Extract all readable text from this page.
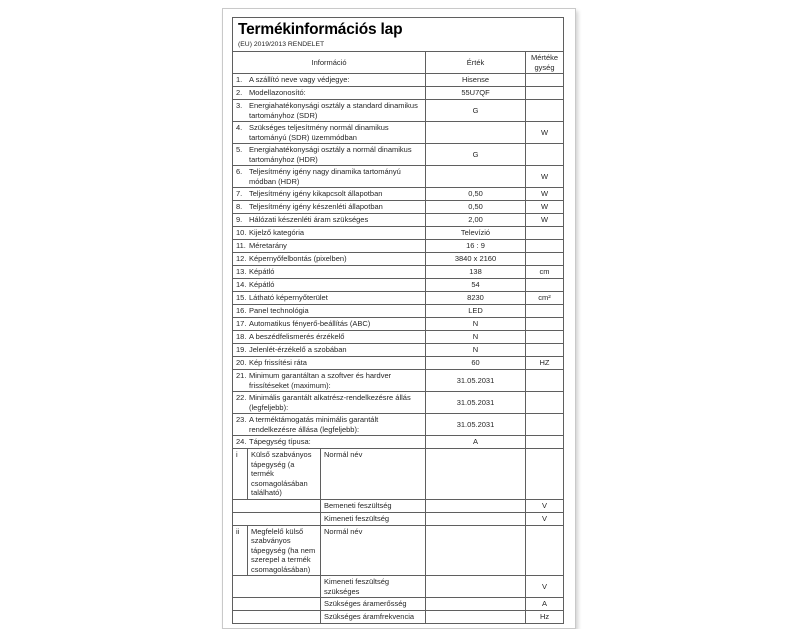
Termékinformációs lap
(EU) 2019/2013 RENDELET

Információ			Érték	Mértékegység

1. A szállító neve vagy védjegye:			Hisense	

2. Modellazonosító:			55U7QF	

3. Energiahatékonysági osztály a standard dinamikus tartományhoz (SDR)			G	

4. Szükséges teljesítmény normál dinamikus tartományú (SDR) üzemmódban				W

5. Energiahatékonysági osztály a normál dinamikus tartományhoz (HDR)			G	

6. Teljesítmény igény nagy dinamika tartományú módban (HDR)				W

7. Teljesítmény igény kikapcsolt állapotban			0,50	W

8. Teljesítmény igény készenléti állapotban			0,50	W

9. Hálózati készenléti áram szükséges			2,00	W

10. Kijelző kategória			Televízió	

11. Méretarány			16 : 9	

12. Képernyőfelbontás (pixelben)			3840 x 2160	

13. Képátló			138	cm

14. Képátló			54	

15. Látható képernyőterület			8230	cm²

16. Panel technológia			LED	

17. Automatikus fényerő-beállítás (ABC)			N	

18. A beszédfelismerés érzékelő			N	

19. Jelenlét-érzékelő a szobában			N	

20. Kép frissítési ráta			60	HZ

21. Minimum garantáltan a szoftver és hardver frissítéseket (maximum):			31.05.2031	

22. Minimális garantált alkatrész-rendelkezésre állás (legfeljebb):			31.05.2031	

23. A terméktámogatás minimális garantált rendelkezésre állása (legfeljebb):			31.05.2031	

24. Tápegység típusa:			A	
i	Külső szabványos tápegység (a termék csomagolásában található)	Normál név		
		Bemeneti feszültség		V
		Kimeneti feszültség		V
ii	Megfelelő külső szabványos tápegység (ha nem szerepel a termék csomagolásában)	Normál név		
		Kimeneti feszültség szükséges		V
		Szükséges áramerősség		A
		Szükséges áramfrekvencia		Hz
